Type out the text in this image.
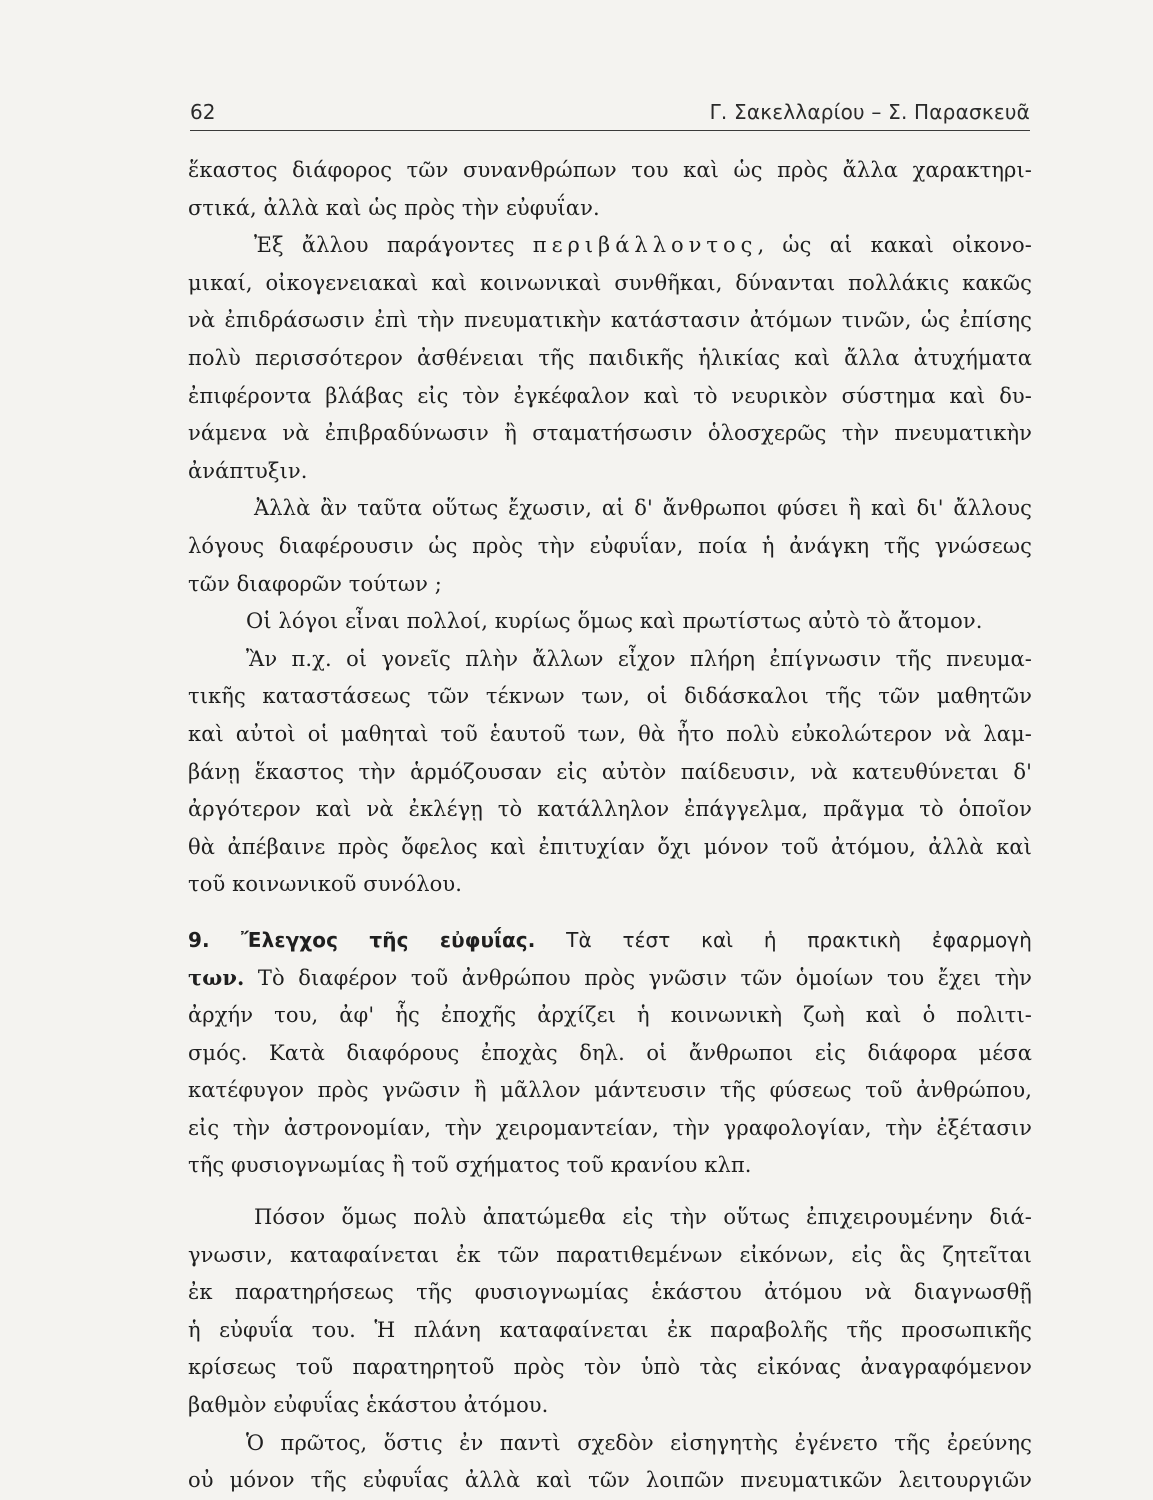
62	Γ. Σακελλαρίου – Σ. Παρασκευᾶ
ἕκαστος διάφορος τῶν συνανθρώπων του καὶ ὡς πρὸς ἄλλα χαρακτηρι-
στικά, ἀλλὰ καὶ ὡς πρὸς τὴν εὐφυΐαν.
Ἐξ ἄλλου παράγοντες περιβάλλοντος, ὡς αἱ κακαὶ οἰκονο-
μικαί, οἰκογενειακαὶ καὶ κοινωνικαὶ συνθῆκαι, δύνανται πολλάκις κακῶς
νὰ ἐπιδράσωσιν ἐπὶ τὴν πνευματικὴν κατάστασιν ἀτόμων τινῶν, ὡς ἐπίσης
πολὺ περισσότερον ἀσθένειαι τῆς παιδικῆς ἡλικίας καὶ ἄλλα ἀτυχήματα
ἐπιφέροντα βλάβας εἰς τὸν ἐγκέφαλον καὶ τὸ νευρικὸν σύστημα καὶ δυ-
νάμενα νὰ ἐπιβραδύνωσιν ἢ σταματήσωσιν ὁλοσχερῶς τὴν πνευματικὴν
ἀνάπτυξιν.
Ἀλλὰ ἂν ταῦτα οὕτως ἔχωσιν, αἱ δ' ἄνθρωποι φύσει ἢ καὶ δι' ἄλλους
λόγους διαφέρουσιν ὡς πρὸς τὴν εὐφυΐαν, ποία ἡ ἀνάγκη τῆς γνώσεως
τῶν διαφορῶν τούτων ;
Οἱ λόγοι εἶναι πολλοί, κυρίως ὅμως καὶ πρωτίστως αὐτὸ τὸ ἄτομον.
Ἂν π.χ. οἱ γονεῖς πλὴν ἄλλων εἶχον πλήρη ἐπίγνωσιν τῆς πνευμα-
τικῆς καταστάσεως τῶν τέκνων των, οἱ διδάσκαλοι τῆς τῶν μαθητῶν
καὶ αὐτοὶ οἱ μαθηταὶ τοῦ ἑαυτοῦ των, θὰ ἦτο πολὺ εὐκολώτερον νὰ λαμ-
βάνῃ ἕκαστος τὴν ἁρμόζουσαν εἰς αὐτὸν παίδευσιν, νὰ κατευθύνεται δ'
ἀργότερον καὶ νὰ ἐκλέγῃ τὸ κατάλληλον ἐπάγγελμα, πρᾶγμα τὸ ὁποῖον
θὰ ἀπέβαινε πρὸς ὄφελος καὶ ἐπιτυχίαν ὄχι μόνον τοῦ ἀτόμου, ἀλλὰ καὶ
τοῦ κοινωνικοῦ συνόλου.
9. Ἔλεγχος τῆς εὐφυΐας. Τὰ τέστ καὶ ἡ πρακτικὴ ἐφαρμογὴ
των. Τὸ διαφέρον τοῦ ἀνθρώπου πρὸς γνῶσιν τῶν ὁμοίων του ἔχει τὴν
ἀρχήν του, ἀφ' ἧς ἐποχῆς ἀρχίζει ἡ κοινωνικὴ ζωὴ καὶ ὁ πολιτι-
σμός. Κατὰ διαφόρους ἐποχὰς δηλ. οἱ ἄνθρωποι εἰς διάφορα μέσα
κατέφυγον πρὸς γνῶσιν ἢ μᾶλλον μάντευσιν τῆς φύσεως τοῦ ἀνθρώπου,
εἰς τὴν ἀστρονομίαν, τὴν χειρομαντείαν, τὴν γραφολογίαν, τὴν ἐξέτασιν
τῆς φυσιογνωμίας ἢ τοῦ σχήματος τοῦ κρανίου κλπ.
Πόσον ὅμως πολὺ ἀπατώμεθα εἰς τὴν οὕτως ἐπιχειρουμένην διά-
γνωσιν, καταφαίνεται ἐκ τῶν παρατιθεμένων εἰκόνων, εἰς ἃς ζητεῖται
ἐκ παρατηρήσεως τῆς φυσιογνωμίας ἑκάστου ἀτόμου νὰ διαγνωσθῇ
ἡ εὐφυΐα του. Ἡ πλάνη καταφαίνεται ἐκ παραβολῆς τῆς προσωπικῆς
κρίσεως τοῦ παρατηρητοῦ πρὸς τὸν ὑπὸ τὰς εἰκόνας ἀναγραφόμενον
βαθμὸν εὐφυΐας ἑκάστου ἀτόμου.
Ὁ πρῶτος, ὅστις ἐν παντὶ σχεδὸν εἰσηγητὴς ἐγένετο τῆς ἐρεύνης
οὐ μόνον τῆς εὐφυΐας ἀλλὰ καὶ τῶν λοιπῶν πνευματικῶν λειτουργιῶν
